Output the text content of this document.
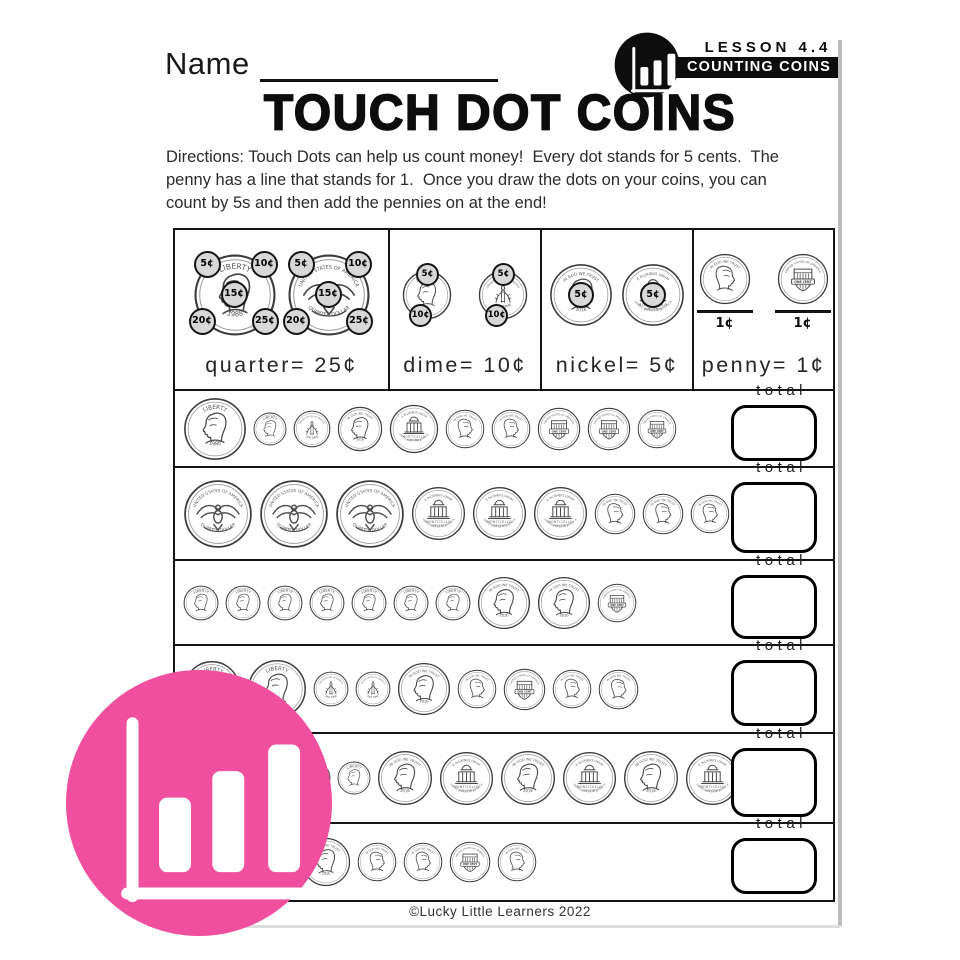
Name	LESSON 4.4
COUNTING COINS
TOUCH DOT COINS
Directions: Touch Dots can help us count money!  Every dot stands for 5 cents.  The
penny has a line that stands for 1.  Once you draw the dots on your coins, you can
count by 5s and then add the pennies on at the end!
5¢	10¢
15¢
20¢	25¢
5¢	10¢
15¢
20¢	25¢
quarter= 25¢
5¢
10¢
5¢
10¢
dime= 10¢
5¢	5¢
nickel= 5¢
1¢	1¢
penny= 1¢
total
total
total
total
total
total
©Lucky Little Learners 2022
